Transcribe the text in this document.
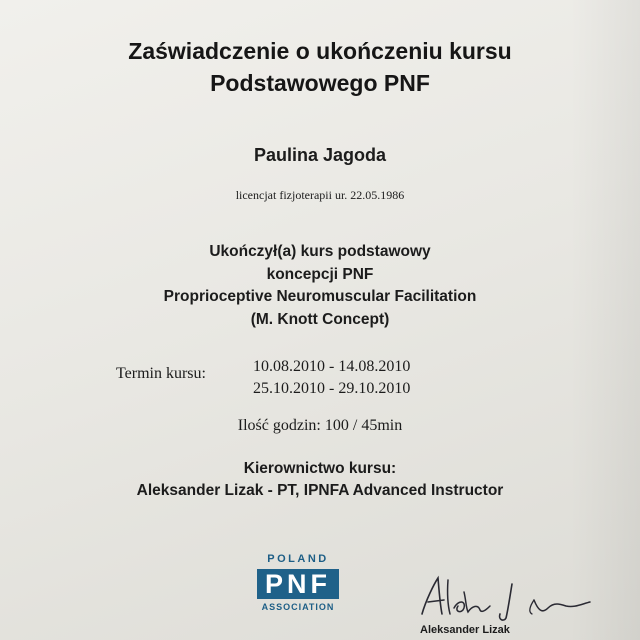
Zaświadczenie o ukończeniu kursu
Podstawowego PNF
Paulina Jagoda
licencjat fizjoterapii ur. 22.05.1986
Ukończył(a) kurs podstawowy
koncepcji PNF
Proprioceptive Neuromuscular Facilitation
(M. Knott Concept)
Termin kursu:	10.08.2010 - 14.08.2010
25.10.2010 - 29.10.2010
Ilość godzin: 100 / 45min
Kierownictwo kursu:
Aleksander Lizak - PT, IPNFA Advanced Instructor
POLAND
PNF
ASSOCIATION
Aleksander Lizak
